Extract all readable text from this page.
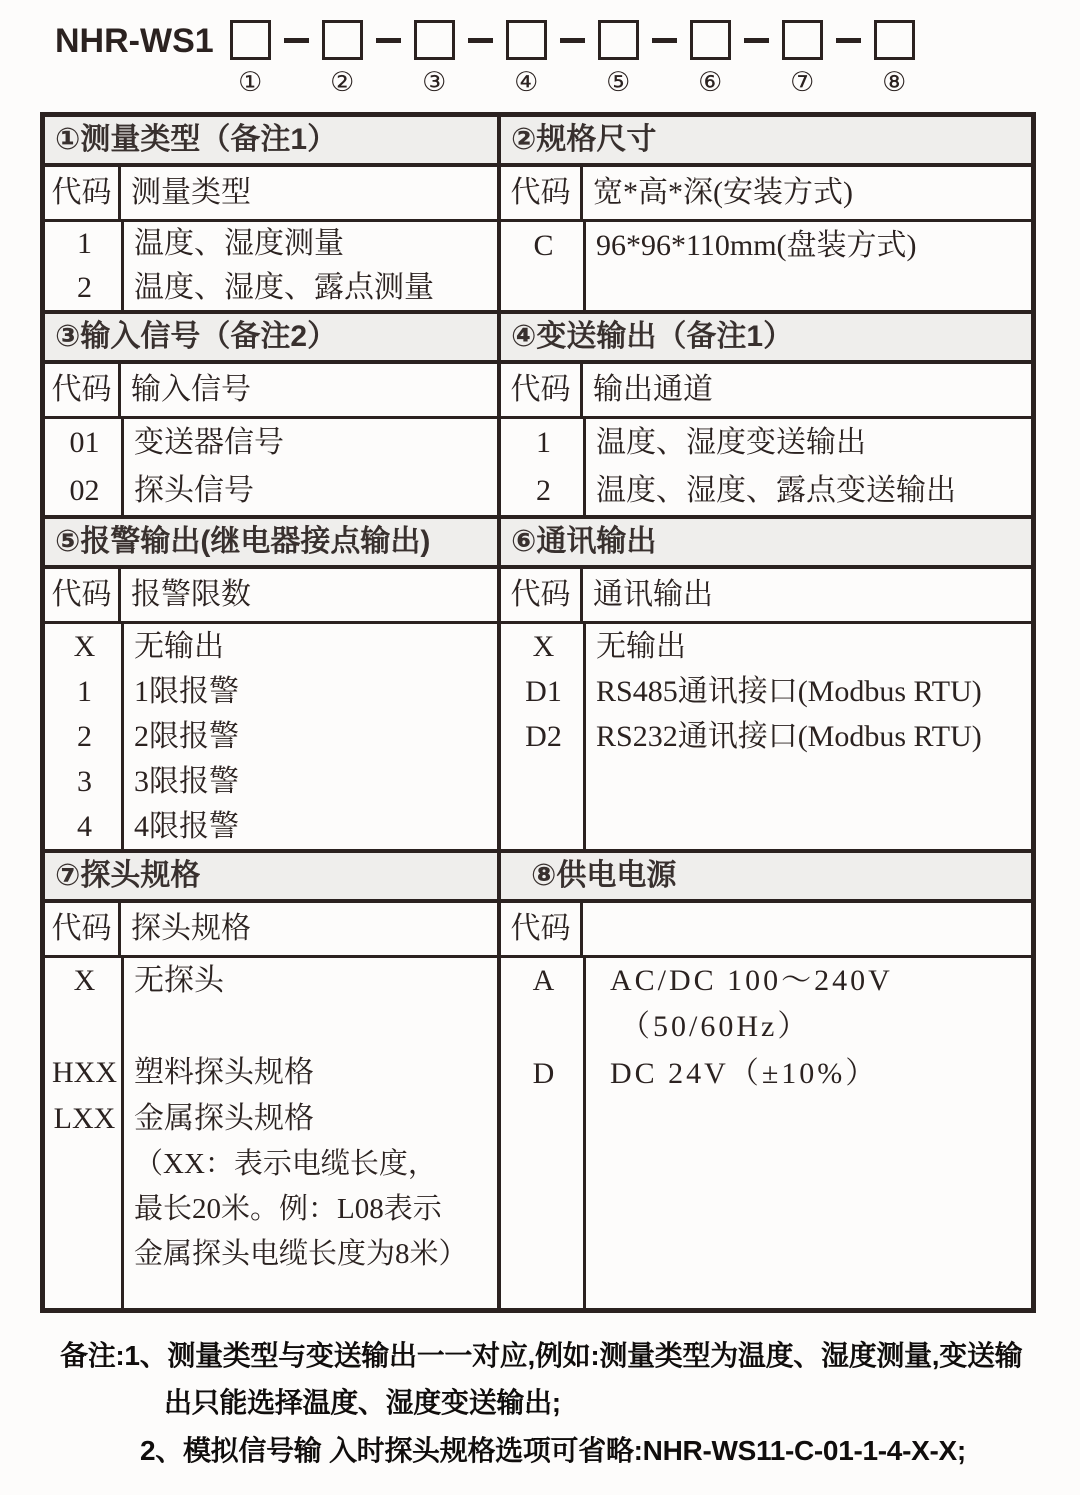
NHR-WS1
①	②	③	④	⑤	⑥	⑦	⑧
①测量类型（备注1）
代码 测量类型
1	温度、湿度测量
2	温度、湿度、露点测量
②规格尺寸
代码 宽*高*深(安装方式)
C	96*96*110mm(盘装方式)
③输入信号（备注2）
代码 输入信号
01	变送器信号
02	探头信号
④变送输出（备注1）
代码 输出通道
1	温度、湿度变送输出
2	温度、湿度、露点变送输出
⑤报警输出(继电器接点输出)
代码 报警限数
X	无输出
1	1限报警
2	2限报警
3	3限报警
4	4限报警
⑥通讯输出
代码 通讯输出
X	无输出
D1	RS485通讯接口(Modbus RTU)
D2	RS232通讯接口(Modbus RTU)
⑦探头规格
代码 探头规格
X	无探头
HXX 塑料探头规格
LXX 金属探头规格
（XX：表示电缆长度，
最长20米。例：L08表示
金属探头电缆长度为8米）
⑧供电电源
代码
A	AC/DC 100～240V
（50/60Hz）
D	DC 24V（±10%）
备注:1、测量类型与变送输出一一对应,例如:测量类型为温度、湿度测量,变送输
出只能选择温度、湿度变送输出;
2、模拟信号输 入时探头规格选项可省略:NHR-WS11-C-01-1-4-X-X;
